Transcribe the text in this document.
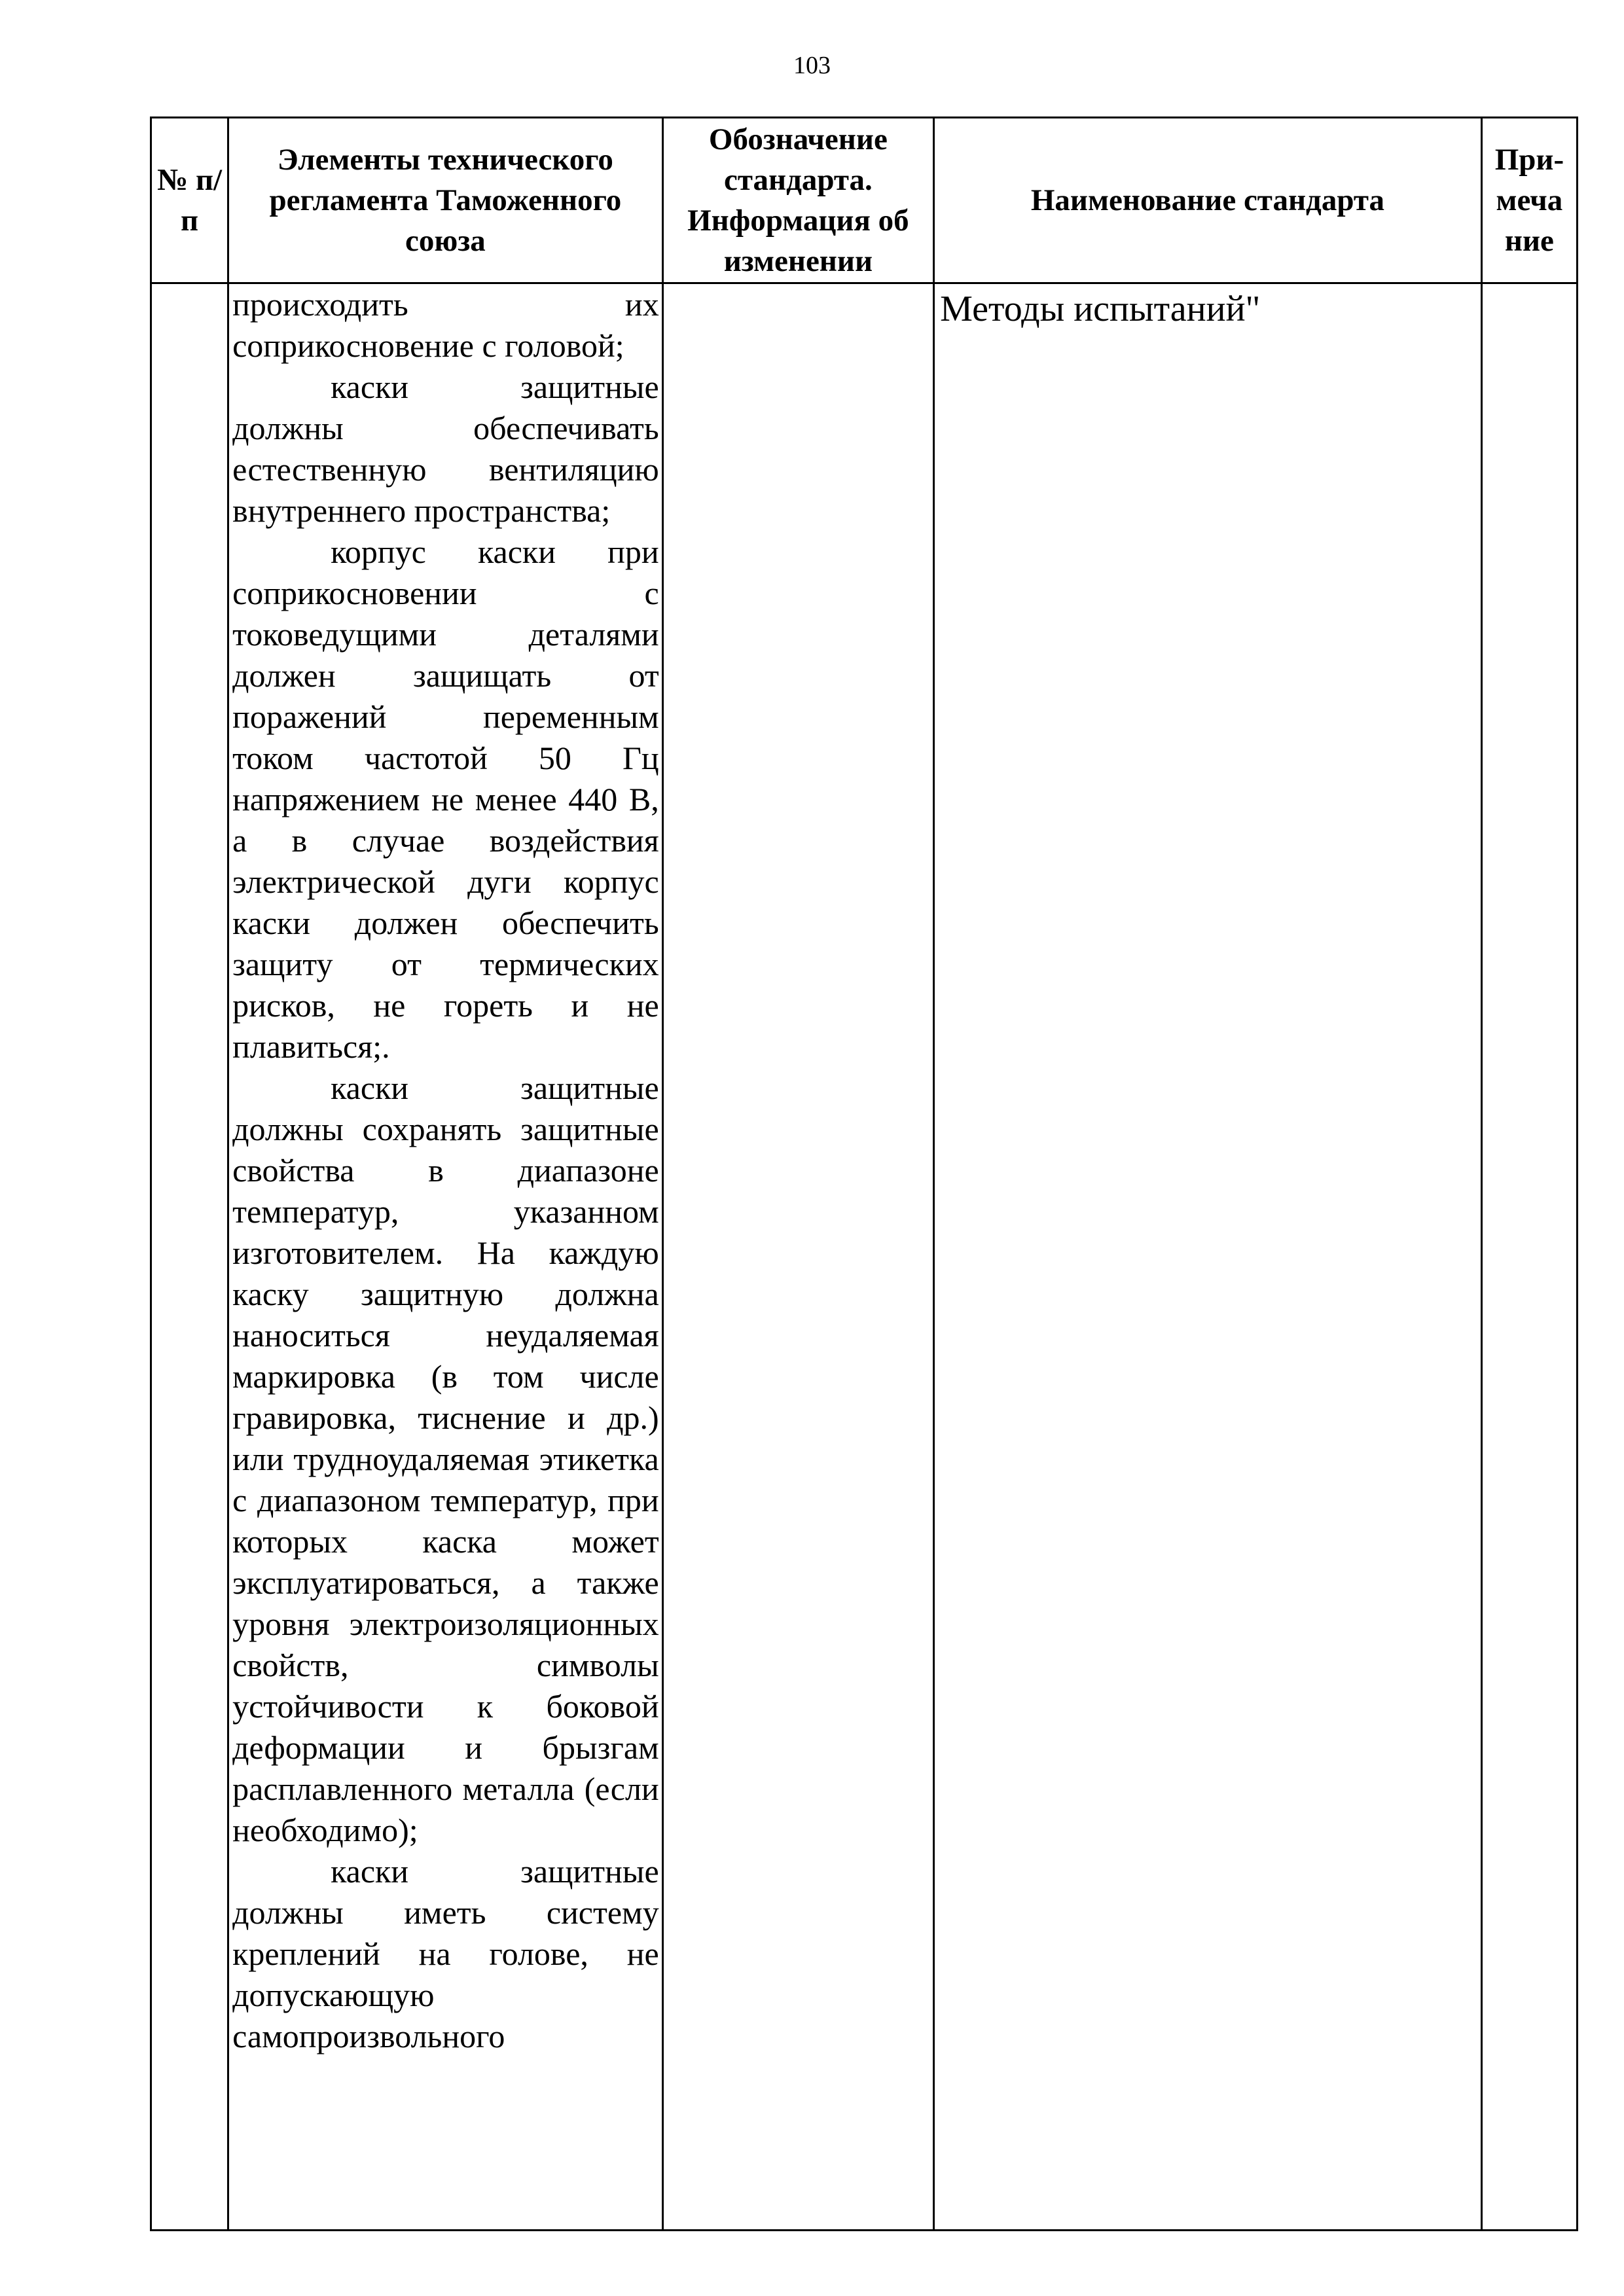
103
№ п/п	Элементы технического регламента Таможенного союза	Обозначение стандарта. Информация об изменении	Наименование стандарта	При-меча ние

	происходить их соприкосновение с головой;

каски защитные должны обеспечивать естественную вентиляцию внутреннего пространства;

корпус каски при соприкосновении с токоведущими деталями должен защищать от поражений переменным током частотой 50 Гц напряжением не менее 440 В, а в случае воздействия электрической дуги корпус каски должен обеспечить защиту от термических рисков, не гореть и не плавиться;.

каски защитные должны сохранять защитные свойства в диапазоне температур, указанном изготовителем. На каждую каску защитную должна наноситься неудаляемая маркировка (в том числе гравировка, тиснение и др.) или трудноудаляемая этикетка с диапазоном температур, при которых каска может эксплуатироваться, а также уровня электроизоляционных свойств, символы устойчивости к боковой деформации и брызгам расплавленного металла (если необходимо);

каски защитные должны иметь систему креплений на голове, не допускающую самопроизвольного		Методы испытаний"	
